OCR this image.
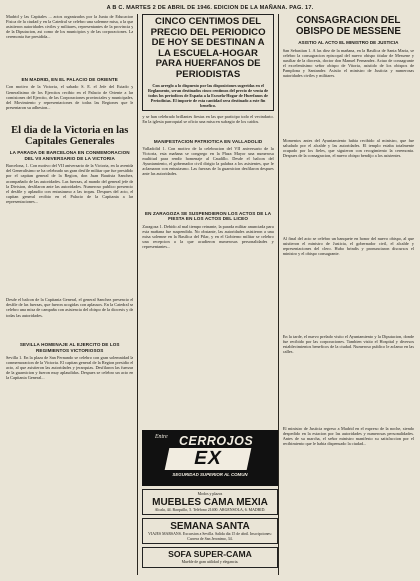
A B C. MARTES 2 DE ABRIL DE 1946. EDICION DE LA MAÑANA. PAG. 17.

Madrid y las Capitales ... actos organizados por la Junta de Educacion Fisica de la ciudad y en la Catedral se celebro una solemne misa, a la que asistieron autoridades civiles y militares, representantes de la provincia y de la Diputacion, asi como de los municipios y de las corporaciones. La ceremonia fue presidida...

EN MADRID, EN EL PALACIO DE ORIENTE

Con motivo de la Victoria, el sabado S. E. el Jefe del Estado y Generalisimo de los Ejercitos recibio en el Palacio de Oriente a las comisiones del Ejercito, de las Corporaciones provinciales y municipales, del Movimiento y representaciones de todas las Regiones que le presentaron su adhesion...

El dia de la Victoria en las Capitales Generales
LA PARADA DE BARCELONA EN CONMEMORACION DEL VII ANIVERSARIO DE LA VICTORIA

Barcelona, 1. Con motivo del VII aniversario de la Victoria, en la avenida del Generalisimo se ha celebrado un gran desfile militar que fue presidido por el capitan general de la Region, don Juan Bautista Sanchez, acompañado de las autoridades. Las fuerzas, al mando del general jefe de la Division, desfilaron ante las autoridades. Numeroso publico presencio el desfile y aplaudio con entusiasmo a las tropas. Despues del acto, el capitan general recibio en el Palacio de la Capitania a las representaciones...

Desde el balcon de la Capitania General, el general Sanchez presencio el desfile de las fuerzas, que fueron acogidas con aplausos. En la Catedral se celebro una misa de campaña con asistencia del obispo de la diocesis y de todas las autoridades.

SEVILLA HOMENAJE AL EJERCITO DE LOS REGIMIENTOS VICTORIOSOS

Sevilla 1. En la plaza de San Fernando se celebro con gran solemnidad la conmemoracion de la Victoria. El capitan general de la Region presidio el acto, al que asistieron las autoridades y jerarquias. Desfilaron las fuerzas de la guarnicion y fueron muy aplaudidas. Despues se celebro un acto en la Capitania General...

CINCO CENTIMOS DEL PRECIO DEL PERIODICO DE HOY SE DESTINAN A LA ESCUELA-HOGAR PARA HUERFANOS DE PERIODISTAS
Con arreglo a lo dispuesto por las disposiciones sugeridas en el Reglamento, seran destinados cinco centimos del precio de venta de todos los periodicos de España a la Escuela-Hogar de Huerfanos de Periodistas. El importe de esta cantidad sera destinado a este fin benefico.

y se han celebrado brillantes fiestas en las que participo todo el vecindario. En la iglesia parroquial se oficio una misa en sufragio de los caidos.

MANIFESTACION PATRIOTICA EN VALLADOLID

Valladolid 1. Con motivo de la celebracion del VII aniversario de la Victoria, esta mañana se congrego en la Plaza Mayor una numerosa multitud para rendir homenaje al Caudillo. Desde el balcon del Ayuntamiento, el gobernador civil dirigio la palabra a los asistentes, que le aclamaron con entusiasmo. Las fuerzas de la guarnicion desfilaron despues ante las autoridades.

EN ZARAGOZA SE SUSPENDIERON LOS ACTOS DE LA FIESTA EN LOS ACTOS DEL LICEO

Zaragoza 1. Debido al mal tiempo reinante, la parada militar anunciada para esta mañana fue suspendida. No obstante, las autoridades asistieron a una misa solemne en la Basilica del Pilar, y en el Gobierno militar se celebro una recepcion a la que acudieron numerosas personalidades y representantes...

CONSAGRACION DEL OBISPO DE MESSENE
ASISTIO AL ACTO EL MINISTRO DE JUSTICIA

San Sebastian 1. A las diez de la mañana, en la Basilica de Santa Maria, se celebro la consagracion episcopal del nuevo obispo titular de Messene y auxiliar de la diocesis, doctor don Manuel Fernandez. Actuo de consagrante el excelentisimo señor obispo de Vitoria, asistido de los obispos de Pamplona y Santander. Asistio el ministro de Justicia y numerosas autoridades civiles y militares.

Momentos antes del Ayuntamiento habia recibido al ministro, que fue saludado por el alcalde y las autoridades. El templo estaba totalmente ocupado por los fieles, que siguieron con recogimiento la ceremonia. Despues de la consagracion, el nuevo obispo bendijo a los asistentes.

Al final del acto se celebro un banquete en honor del nuevo obispo, al que asistieron el ministro de Justicia, el gobernador civil, el alcalde y representaciones del clero. Hubo brindis y pronunciaron discursos el ministro y el obispo consagrante.

En la tarde, el nuevo prelado visito el Ayuntamiento y la Diputacion, donde fue recibido por las corporaciones. Tambien visito el Hospital y diversos establecimientos beneficos de la ciudad. Numeroso publico le aclamo en las calles.

El ministro de Justicia regreso a Madrid en el expreso de la noche, siendo despedido en la estacion por las autoridades y numerosas personalidades. Antes de su marcha, el señor ministro manifesto su satisfaccion por el recibimiento que le habia dispensado la ciudad...

Entre CERROJOS
EX
SEGURIDAD SUPERIOR AL COMUN
Modos y plazos
MUEBLES CAMA MEXIA
Alcala, 44. Barquillo, 5. Teléfono 21400. ARGENSOLA, 6. MADRID.
SEMANA SANTA
VIAJES MARSANS. Excursion a Sevilla. Salida dia 15 de abril. Inscripciones: Carrera de San Jeronimo, 34.
SOFA SUPER-CAMA
Mueble de gran utilidad y elegancia.
